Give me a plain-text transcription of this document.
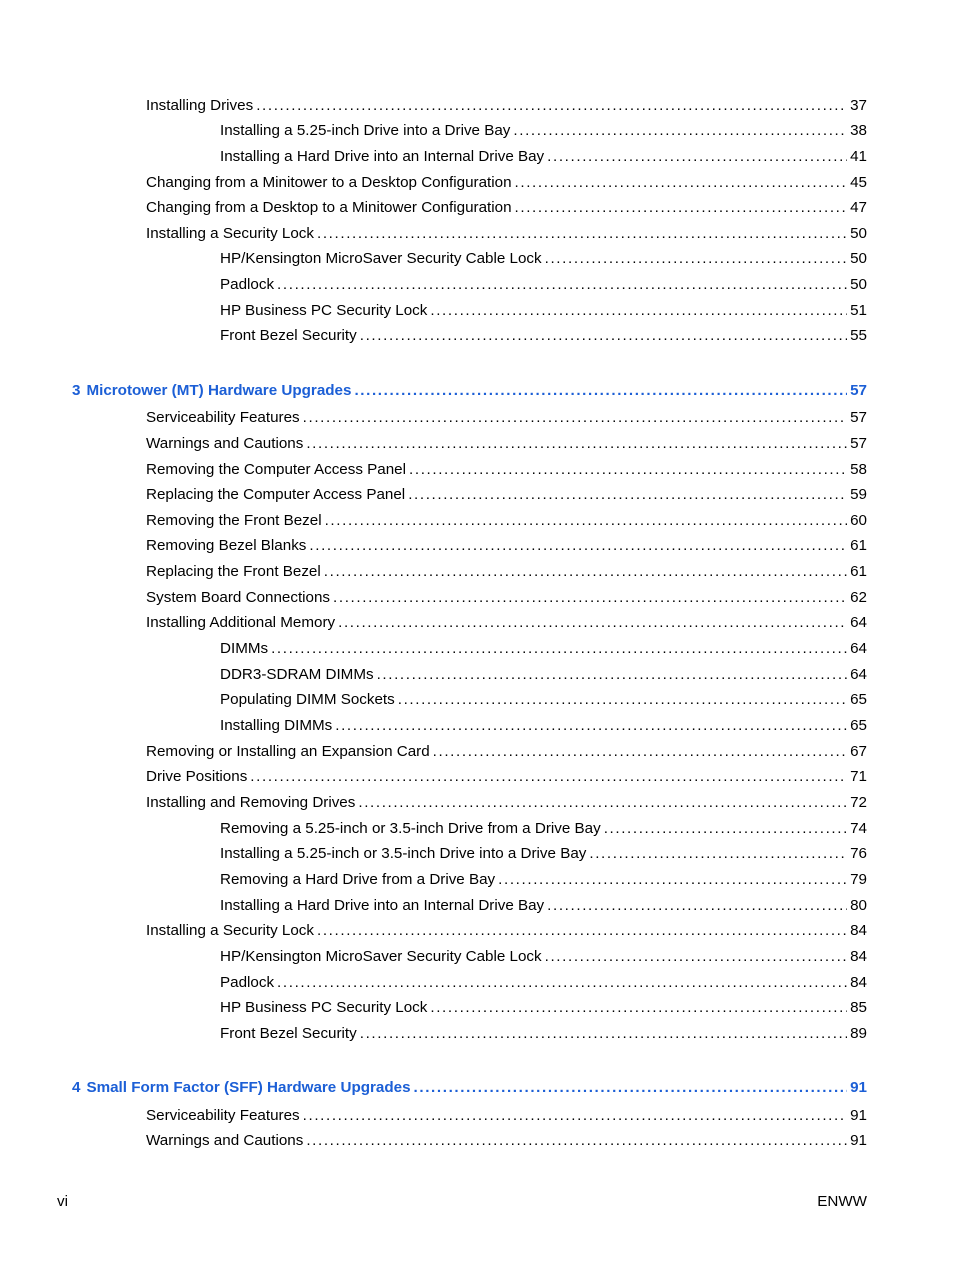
Installing Drives . . .	37
Installing a 5.25-inch Drive into a Drive Bay . . .	38
Installing a Hard Drive into an Internal Drive Bay . . .	41
Changing from a Minitower to a Desktop Configuration . . .	45
Changing from a Desktop to a Minitower Configuration . . .	47
Installing a Security Lock . . .	50
HP/Kensington MicroSaver Security Cable Lock . . .	50
Padlock . . .	50
HP Business PC Security Lock . . .	51
Front Bezel Security . . .	55
3 Microtower (MT) Hardware Upgrades . . .	57
Serviceability Features . . .	57
Warnings and Cautions . . .	57
Removing the Computer Access Panel . . .	58
Replacing the Computer Access Panel . . .	59
Removing the Front Bezel . . .	60
Removing Bezel Blanks . . .	61
Replacing the Front Bezel . . .	61
System Board Connections . . .	62
Installing Additional Memory . . .	64
DIMMs . . .	64
DDR3-SDRAM DIMMs . . .	64
Populating DIMM Sockets . . .	65
Installing DIMMs . . .	65
Removing or Installing an Expansion Card . . .	67
Drive Positions . . .	71
Installing and Removing Drives . . .	72
Removing a 5.25-inch or 3.5-inch Drive from a Drive Bay . . .	74
Installing a 5.25-inch or 3.5-inch Drive into a Drive Bay . . .	76
Removing a Hard Drive from a Drive Bay . . .	79
Installing a Hard Drive into an Internal Drive Bay . . .	80
Installing a Security Lock . . .	84
HP/Kensington MicroSaver Security Cable Lock . . .	84
Padlock . . .	84
HP Business PC Security Lock . . .	85
Front Bezel Security . . .	89
4 Small Form Factor (SFF) Hardware Upgrades . . .	91
Serviceability Features . . .	91
Warnings and Cautions . . .	91
vi	ENWW
